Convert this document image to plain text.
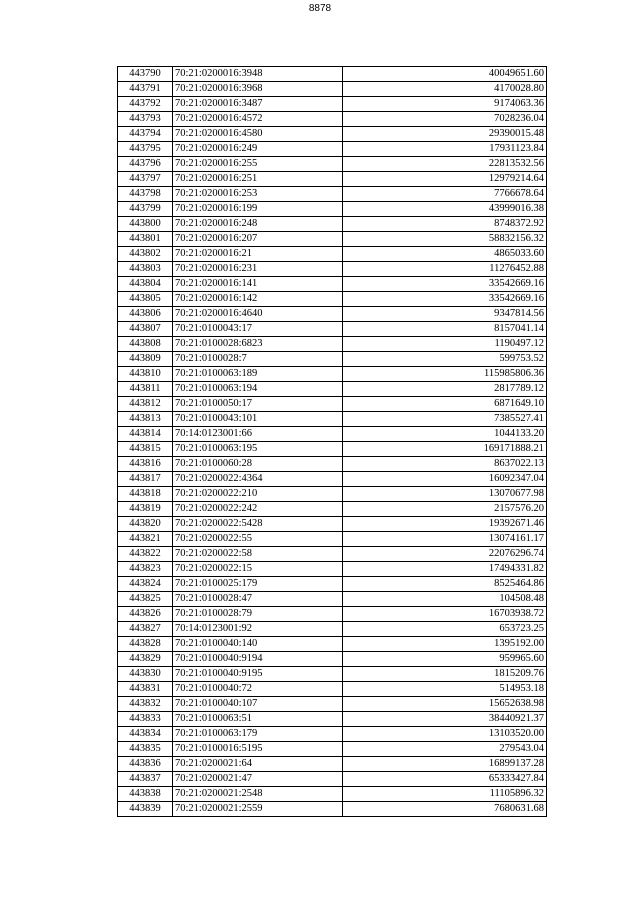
8878
443790	70:21:0200016:3948	40049651.60
443791	70:21:0200016:3968	4170028.80
443792	70:21:0200016:3487	9174063.36
443793	70:21:0200016:4572	7028236.04
443794	70:21:0200016:4580	29390015.48
443795	70:21:0200016:249	17931123.84
443796	70:21:0200016:255	22813532.56
443797	70:21:0200016:251	12979214.64
443798	70:21:0200016:253	7766678.64
443799	70:21:0200016:199	43999016.38
443800	70:21:0200016:248	8748372.92
443801	70:21:0200016:207	58832156.32
443802	70:21:0200016:21	4865033.60
443803	70:21:0200016:231	11276452.88
443804	70:21:0200016:141	33542669.16
443805	70:21:0200016:142	33542669.16
443806	70:21:0200016:4640	9347814.56
443807	70:21:0100043:17	8157041.14
443808	70:21:0100028:6823	1190497.12
443809	70:21:0100028:7	599753.52
443810	70:21:0100063:189	115985806.36
443811	70:21:0100063:194	2817789.12
443812	70:21:0100050:17	6871649.10
443813	70:21:0100043:101	7385527.41
443814	70:14:0123001:66	1044133.20
443815	70:21:0100063:195	169171888.21
443816	70:21:0100060:28	8637022.13
443817	70:21:0200022:4364	16092347.04
443818	70:21:0200022:210	13070677.98
443819	70:21:0200022:242	2157576.20
443820	70:21:0200022:5428	19392671.46
443821	70:21:0200022:55	13074161.17
443822	70:21:0200022:58	22076296.74
443823	70:21:0200022:15	17494331.82
443824	70:21:0100025:179	8525464.86
443825	70:21:0100028:47	104508.48
443826	70:21:0100028:79	16703938.72
443827	70:14:0123001:92	653723.25
443828	70:21:0100040:140	1395192.00
443829	70:21:0100040:9194	959965.60
443830	70:21:0100040:9195	1815209.76
443831	70:21:0100040:72	514953.18
443832	70:21:0100040:107	15652638.98
443833	70:21:0100063:51	38440921.37
443834	70:21:0100063:179	13103520.00
443835	70:21:0100016:5195	279543.04
443836	70:21:0200021:64	16899137.28
443837	70:21:0200021:47	65333427.84
443838	70:21:0200021:2548	11105896.32
443839	70:21:0200021:2559	7680631.68
